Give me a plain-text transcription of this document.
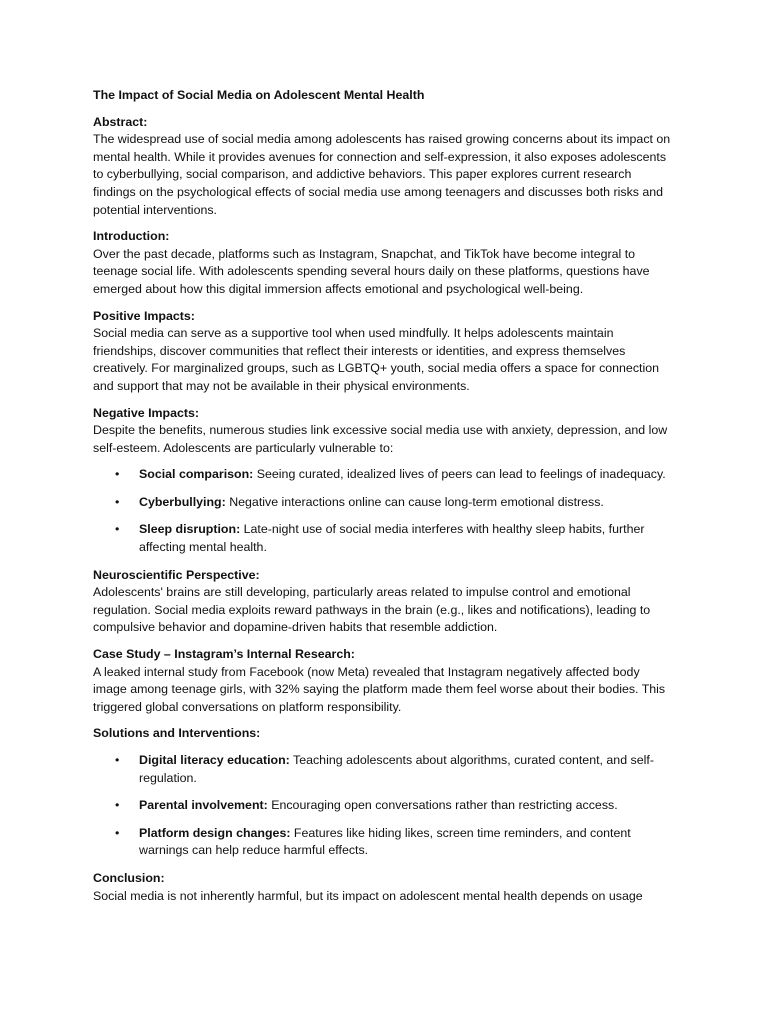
The Impact of Social Media on Adolescent Mental Health
Abstract:
The widespread use of social media among adolescents has raised growing concerns about its impact on mental health. While it provides avenues for connection and self-expression, it also exposes adolescents to cyberbullying, social comparison, and addictive behaviors. This paper explores current research findings on the psychological effects of social media use among teenagers and discusses both risks and potential interventions.
Introduction:
Over the past decade, platforms such as Instagram, Snapchat, and TikTok have become integral to teenage social life. With adolescents spending several hours daily on these platforms, questions have emerged about how this digital immersion affects emotional and psychological well-being.
Positive Impacts:
Social media can serve as a supportive tool when used mindfully. It helps adolescents maintain friendships, discover communities that reflect their interests or identities, and express themselves creatively. For marginalized groups, such as LGBTQ+ youth, social media offers a space for connection and support that may not be available in their physical environments.
Negative Impacts:
Despite the benefits, numerous studies link excessive social media use with anxiety, depression, and low self-esteem. Adolescents are particularly vulnerable to:
• Social comparison: Seeing curated, idealized lives of peers can lead to feelings of inadequacy.
• Cyberbullying: Negative interactions online can cause long-term emotional distress.
• Sleep disruption: Late-night use of social media interferes with healthy sleep habits, further affecting mental health.
Neuroscientific Perspective:
Adolescents' brains are still developing, particularly areas related to impulse control and emotional regulation. Social media exploits reward pathways in the brain (e.g., likes and notifications), leading to compulsive behavior and dopamine-driven habits that resemble addiction.
Case Study – Instagram’s Internal Research:
A leaked internal study from Facebook (now Meta) revealed that Instagram negatively affected body image among teenage girls, with 32% saying the platform made them feel worse about their bodies. This triggered global conversations on platform responsibility.
Solutions and Interventions:
• Digital literacy education: Teaching adolescents about algorithms, curated content, and self-regulation.
• Parental involvement: Encouraging open conversations rather than restricting access.
• Platform design changes: Features like hiding likes, screen time reminders, and content warnings can help reduce harmful effects.
Conclusion:
Social media is not inherently harmful, but its impact on adolescent mental health depends on usage
